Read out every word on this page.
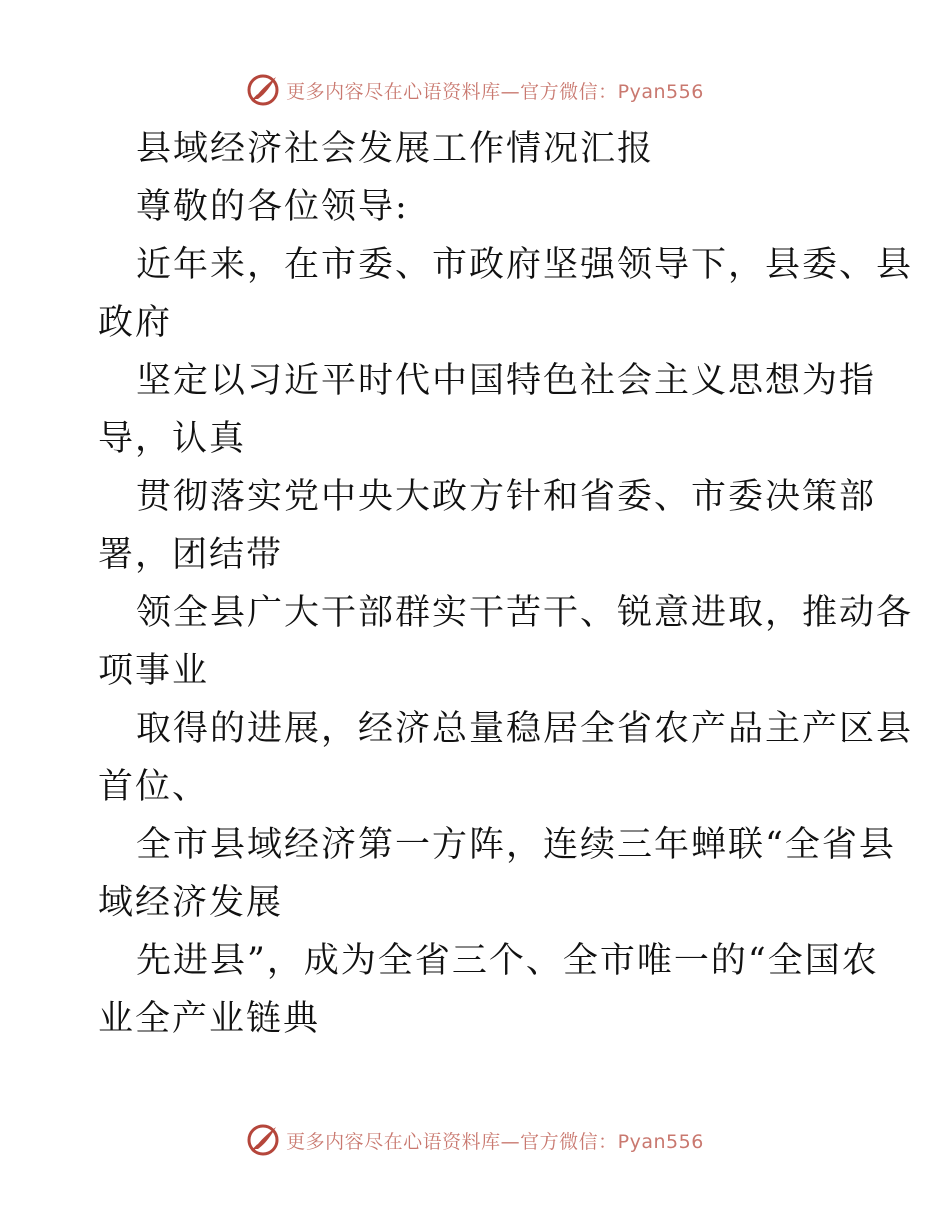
更多内容尽在心语资料库—官方微信：Pyan556
县域经济社会发展工作情况汇报
尊敬的各位领导:
近年来，在市委、市政府坚强领导下，县委、县
政府
坚定以习近平时代中国特色社会主义思想为指
导，认真
贯彻落实党中央大政方针和省委、市委决策部
署，团结带
领全县广大干部群实干苦干、锐意进取，推动各
项事业
取得的进展，经济总量稳居全省农产品主产区县
首位、
全市县域经济第一方阵，连续三年蝉联“全省县
域经济发展
先进县”，成为全省三个、全市唯一的“全国农
业全产业链典
更多内容尽在心语资料库—官方微信：Pyan556
